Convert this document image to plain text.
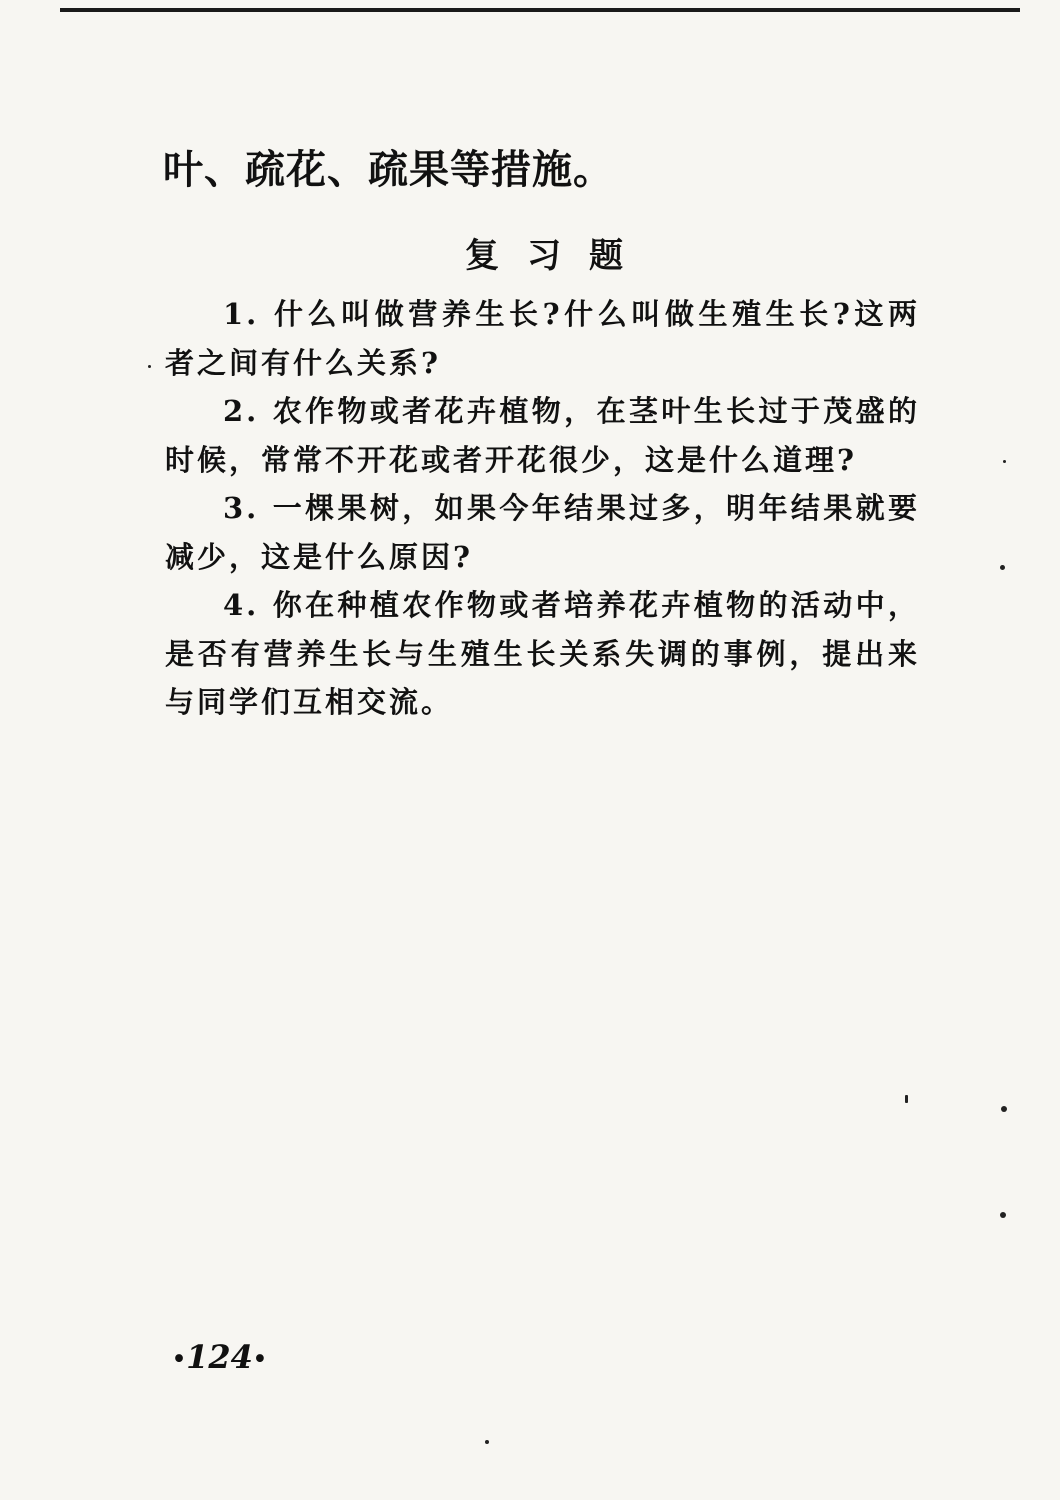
叶、疏花、疏果等措施。
复习题

1. 什么叫做营养生长?什么叫做生殖生长?这两者之间有什么关系?

2. 农作物或者花卉植物，在茎叶生长过于茂盛的时候，常常不开花或者开花很少，这是什么道理?

3. 一棵果树，如果今年结果过多，明年结果就要减少，这是什么原因?

4. 你在种植农作物或者培养花卉植物的活动中，是否有营养生长与生殖生长关系失调的事例，提出来与同学们互相交流。

•124•
